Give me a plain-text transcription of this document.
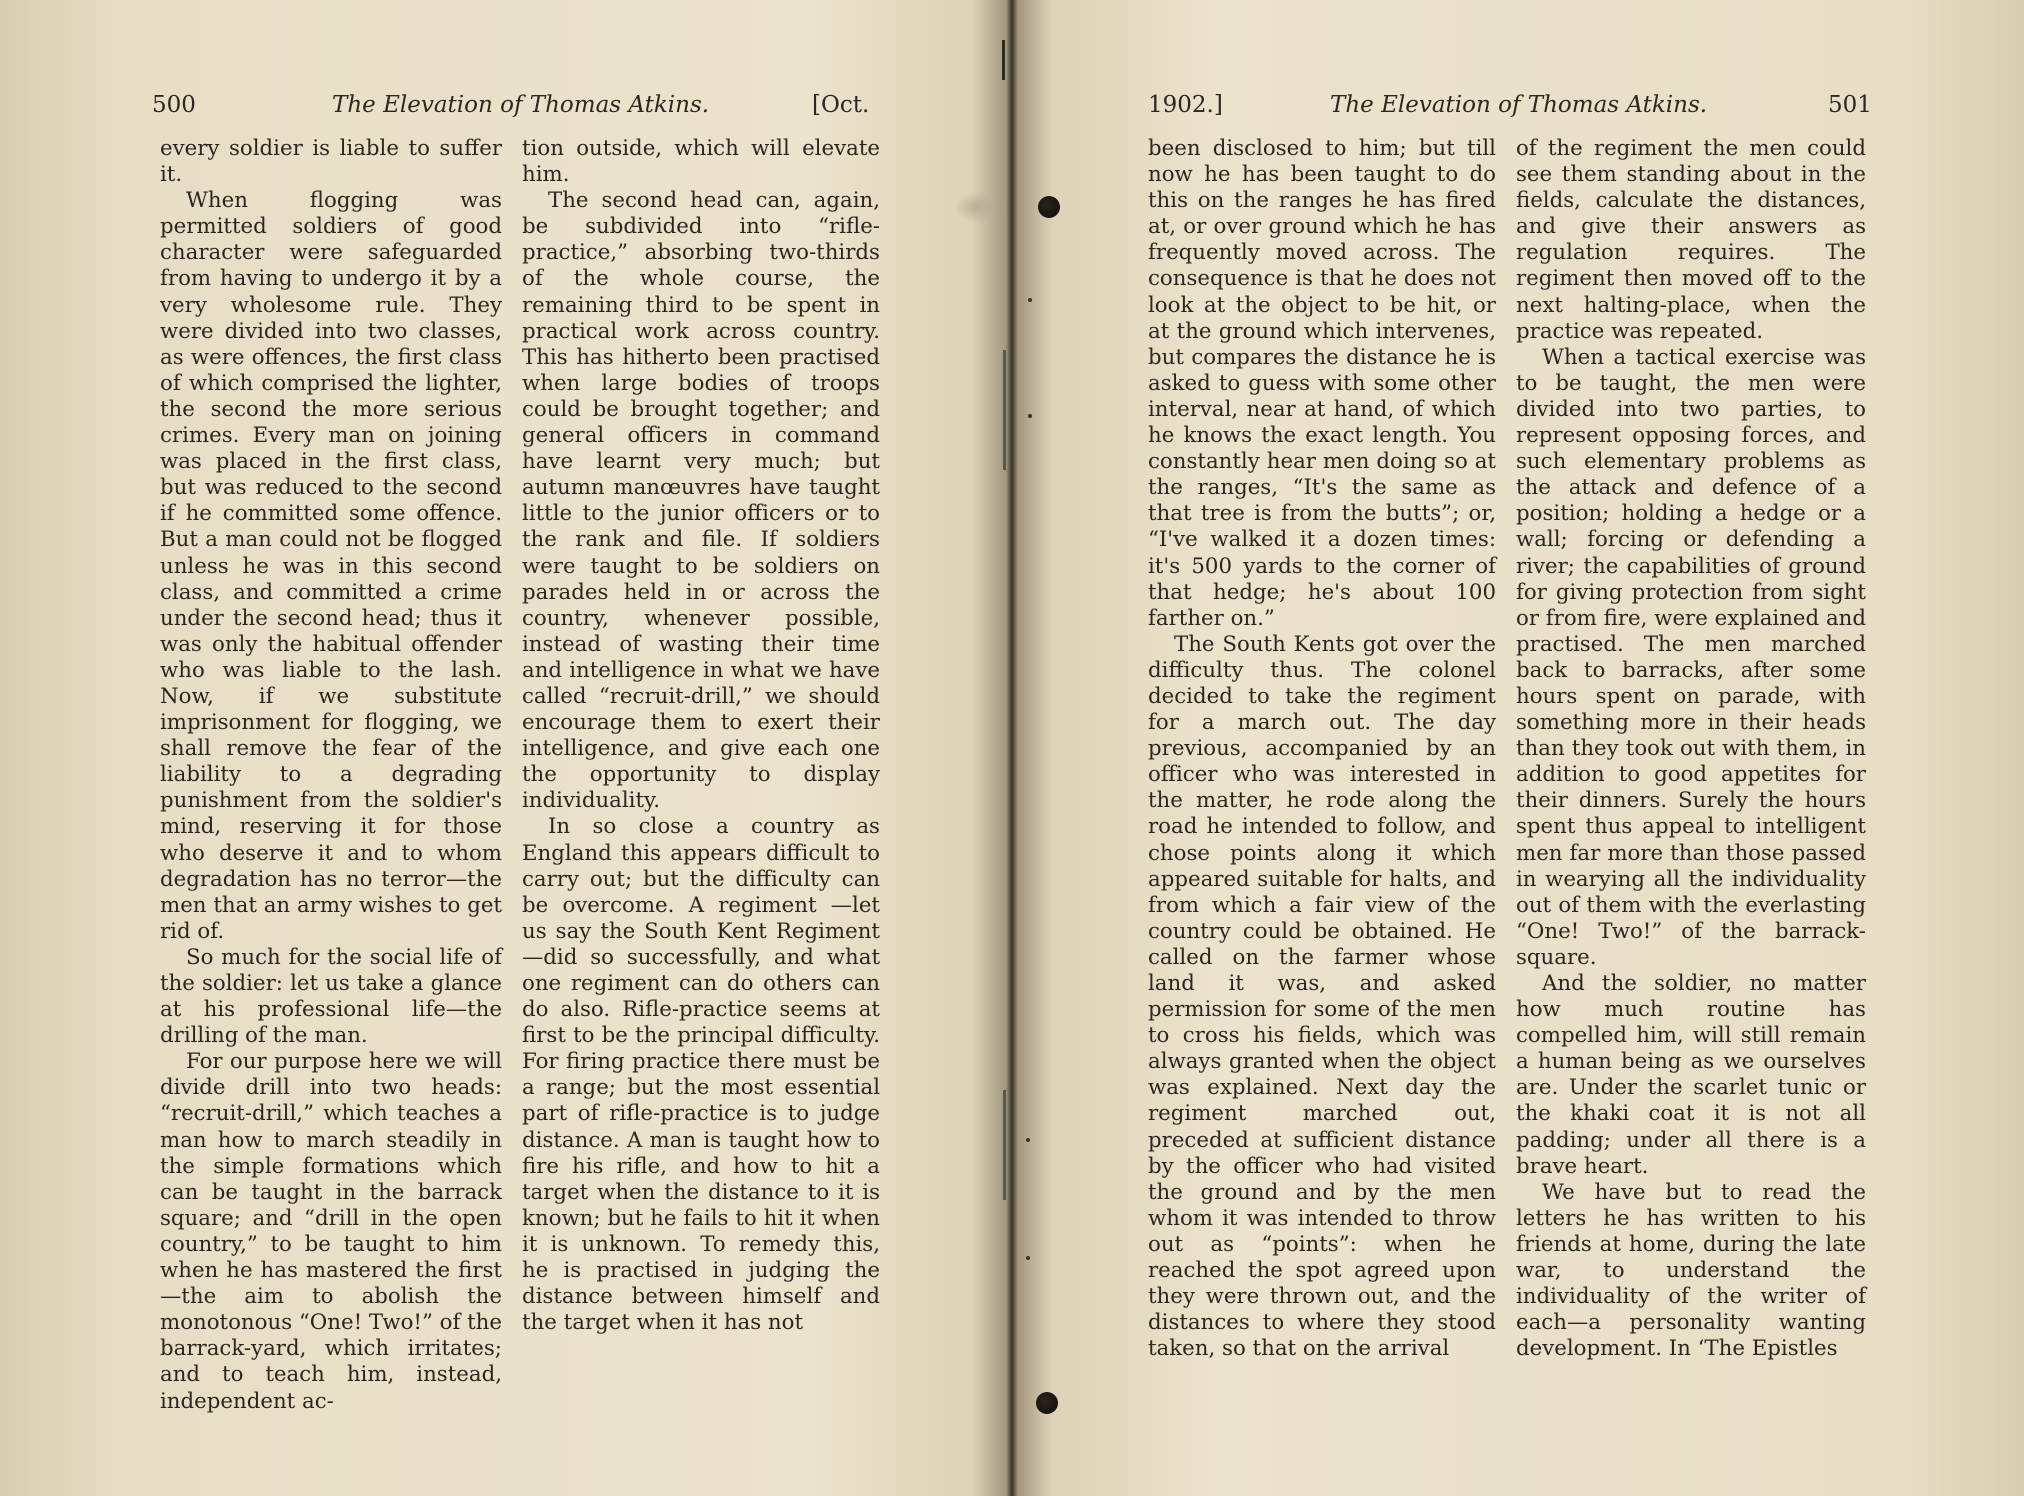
500	The Elevation of Thomas Atkins.	[Oct.

every soldier is liable to suffer it.

When flogging was permitted soldiers of good character were safeguarded from having to undergo it by a very wholesome rule. They were divided into two classes, as were offences, the first class of which comprised the lighter, the second the more serious crimes. Every man on joining was placed in the first class, but was reduced to the second if he committed some offence. But a man could not be flogged unless he was in this second class, and committed a crime under the second head; thus it was only the habitual offender who was liable to the lash. Now, if we substitute imprisonment for flogging, we shall remove the fear of the liability to a degrading punishment from the soldier's mind, reserving it for those who deserve it and to whom degradation has no terror—the men that an army wishes to get rid of.

So much for the social life of the soldier: let us take a glance at his professional life—the drilling of the man.

For our purpose here we will divide drill into two heads: “recruit-drill,” which teaches a man how to march steadily in the simple formations which can be taught in the barrack square; and “drill in the open country,” to be taught to him when he has mastered the first—the aim to abolish the monotonous “One! Two!” of the barrack-yard, which irritates; and to teach him, instead, independent ac-

tion outside, which will elevate him.

The second head can, again, be subdivided into “rifle-practice,” absorbing two-thirds of the whole course, the remaining third to be spent in practical work across country. This has hitherto been practised when large bodies of troops could be brought together; and general officers in command have learnt very much; but autumn manœuvres have taught little to the junior officers or to the rank and file. If soldiers were taught to be soldiers on parades held in or across the country, whenever possible, instead of wasting their time and intelligence in what we have called “recruit-drill,” we should encourage them to exert their intelligence, and give each one the opportunity to display individuality.

In so close a country as England this appears difficult to carry out; but the difficulty can be overcome. A regiment —let us say the South Kent Regiment—did so successfully, and what one regiment can do others can do also. Rifle-practice seems at first to be the principal difficulty. For firing practice there must be a range; but the most essential part of rifle-practice is to judge distance. A man is taught how to fire his rifle, and how to hit a target when the distance to it is known; but he fails to hit it when it is unknown. To remedy this, he is practised in judging the distance between himself and the target when it has not

1902.]	The Elevation of Thomas Atkins.	501

been disclosed to him; but till now he has been taught to do this on the ranges he has fired at, or over ground which he has frequently moved across. The consequence is that he does not look at the object to be hit, or at the ground which intervenes, but compares the distance he is asked to guess with some other interval, near at hand, of which he knows the exact length. You constantly hear men doing so at the ranges, “It's the same as that tree is from the butts”; or, “I've walked it a dozen times: it's 500 yards to the corner of that hedge; he's about 100 farther on.”

The South Kents got over the difficulty thus. The colonel decided to take the regiment for a march out. The day previous, accompanied by an officer who was interested in the matter, he rode along the road he intended to follow, and chose points along it which appeared suitable for halts, and from which a fair view of the country could be obtained. He called on the farmer whose land it was, and asked permission for some of the men to cross his fields, which was always granted when the object was explained. Next day the regiment marched out, preceded at sufficient distance by the officer who had visited the ground and by the men whom it was intended to throw out as “points”: when he reached the spot agreed upon they were thrown out, and the distances to where they stood taken, so that on the arrival

of the regiment the men could see them standing about in the fields, calculate the distances, and give their answers as regulation requires. The regiment then moved off to the next halting-place, when the practice was repeated.

When a tactical exercise was to be taught, the men were divided into two parties, to represent opposing forces, and such elementary problems as the attack and defence of a position; holding a hedge or a wall; forcing or defending a river; the capabilities of ground for giving protection from sight or from fire, were explained and practised. The men marched back to barracks, after some hours spent on parade, with something more in their heads than they took out with them, in addition to good appetites for their dinners. Surely the hours spent thus appeal to intelligent men far more than those passed in wearying all the individuality out of them with the everlasting “One! Two!” of the barrack-square.

And the soldier, no matter how much routine has compelled him, will still remain a human being as we ourselves are. Under the scarlet tunic or the khaki coat it is not all padding; under all there is a brave heart.

We have but to read the letters he has written to his friends at home, during the late war, to understand the individuality of the writer of each—a personality wanting development. In ‘The Epistles
